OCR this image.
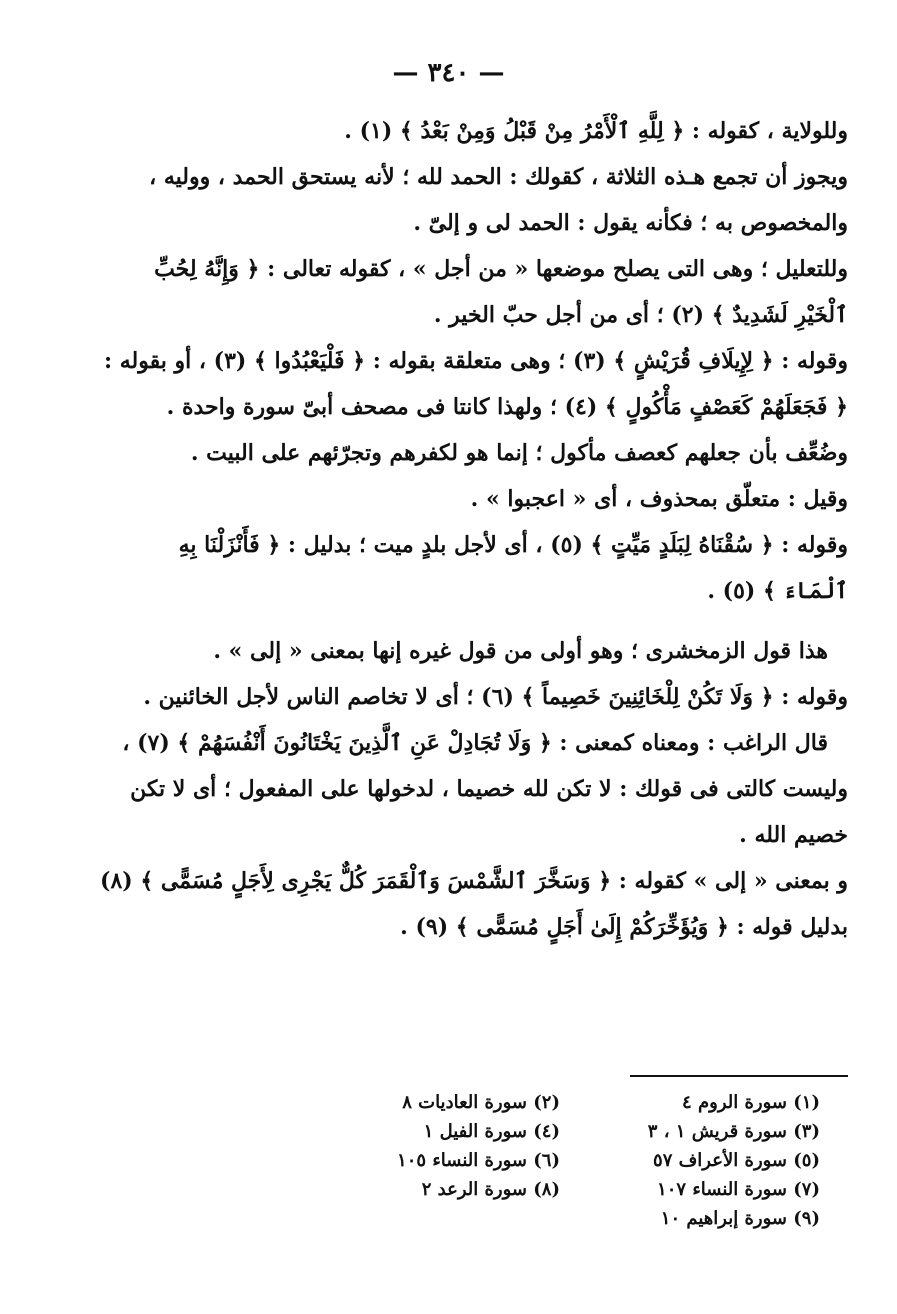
— ٣٤٠ —
وللولاية ، كقوله : ﴿ لِلَّهِ ٱلْأَمْرُ مِنْ قَبْلُ وَمِنْ بَعْدُ ﴾ (١) .
ويجوز أن تجمع هـذه الثلاثة ، كقولك : الحمد لله ؛ لأنه يستحق الحمد ، ووليه ،
والمخصوص به ؛ فكأنه يقول : الحمد لى و إلىّ .
وللتعليل ؛ وهى التى يصلح موضعها « من أجل » ، كقوله تعالى : ﴿ وَإِنَّهُ لِحُبِّ
ٱلْخَيْرِ لَشَدِيدٌ ﴾ (٢) ؛ أى من أجل حبّ الخير .
وقوله : ﴿ لِإِيلَافِ قُرَيْشٍ ﴾ (٣) ؛ وهى متعلقة بقوله : ﴿ فَلْيَعْبُدُوا ﴾ (٣) ، أو بقوله :
﴿ فَجَعَلَهُمْ كَعَصْفٍ مَأْكُولٍ ﴾ (٤) ؛ ولهذا كانتا فى مصحف أبىّ سورة واحدة .
وضُعِّف بأن جعلهم كعصف مأكول ؛ إنما هو لكفرهم وتجرّئهم على البيت .
وقيل : متعلّق بمحذوف ، أى « اعجبوا » .
وقوله : ﴿ سُقْنَاهُ لِبَلَدٍ مَيِّتٍ ﴾ (٥) ، أى لأجل بلدٍ ميت ؛ بدليل : ﴿ فَأَنْزَلْنَا بِهِ
ٱلْمَاءَ ﴾ (٥) .
هذا قول الزمخشرى ؛ وهو أولى من قول غيره إنها بمعنى « إلى » .
وقوله : ﴿ وَلَا تَكُنْ لِلْخَائِنِينَ خَصِيماً ﴾ (٦) ؛ أى لا تخاصم الناس لأجل الخائنين .
قال الراغب : ومعناه كمعنى : ﴿ وَلَا تُجَادِلْ عَنِ ٱلَّذِينَ يَخْتَانُونَ أَنْفُسَهُمْ ﴾ (٧) ،
وليست كالتى فى قولك : لا تكن لله خصيما ، لدخولها على المفعول ؛ أى لا تكن
خصيم الله .
و بمعنى « إلى » كقوله : ﴿ وَسَخَّرَ ٱلشَّمْسَ وَٱلْقَمَرَ كُلٌّ يَجْرِى لِأَجَلٍ مُسَمًّى ﴾ (٨)
بدليل قوله : ﴿ وَيُؤَخِّرَكُمْ إِلَىٰ أَجَلٍ مُسَمًّى ﴾ (٩) .
(١) سورة الروم ٤
(٢) سورة العاديات ٨
(٣) سورة قريش ١ ، ٣
(٤) سورة الفيل ١
(٥) سورة الأعراف ٥٧
(٦) سورة النساء ١٠٥
(٧) سورة النساء ١٠٧
(٨) سورة الرعد ٢
(٩) سورة إبراهيم ١٠
